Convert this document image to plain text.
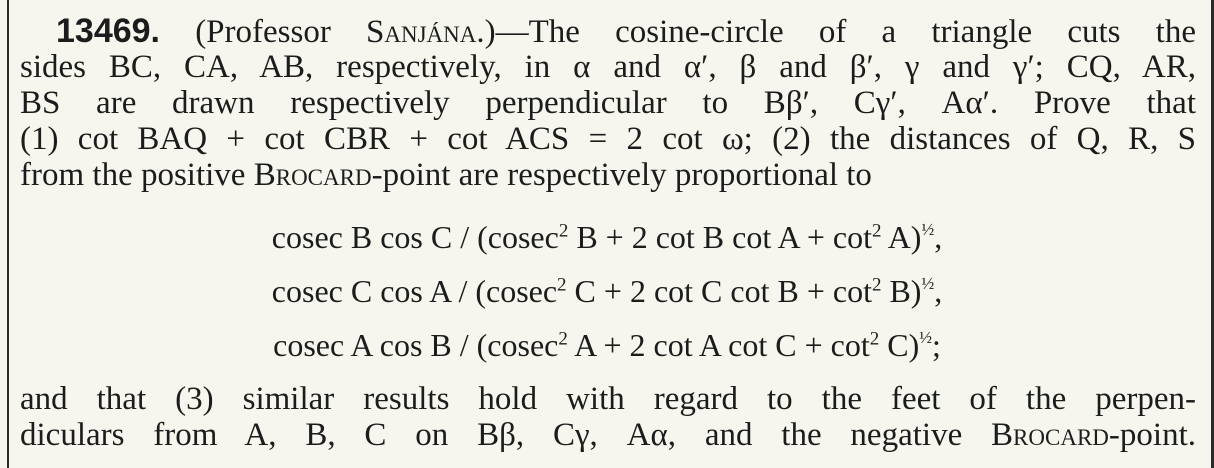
13469. (Professor Sanjána.)—The cosine-circle of a triangle cuts the
sides BC, CA, AB, respectively, in α and α′, β and β′, γ and γ′; CQ, AR,
BS are drawn respectively perpendicular to Bβ′, Cγ′, Aα′. Prove that
(1) cot BAQ + cot CBR + cot ACS = 2 cot ω; (2) the distances of Q, R, S
from the positive Brocard-point are respectively proportional to
cosec B cos C / (cosec$^2$ B + 2 cot B $\cot A + \cot^2 A)^{\frac{1}{2}}$,
cosec C cos A / (cosec$^2$ C + 2 cot C $\cot B + \cot^2 B)^{\frac{1}{2}}$,
cosec A cos B / (cosec$^2$ A + 2 cot A $\cot C + \cot^2 C)^{\frac{1}{2}}$;
and that (3) similar results hold with regard to the feet of the perpen-
diculars from A, B, C on Bβ, Cγ, Aα, and the negative Brocard-point.
